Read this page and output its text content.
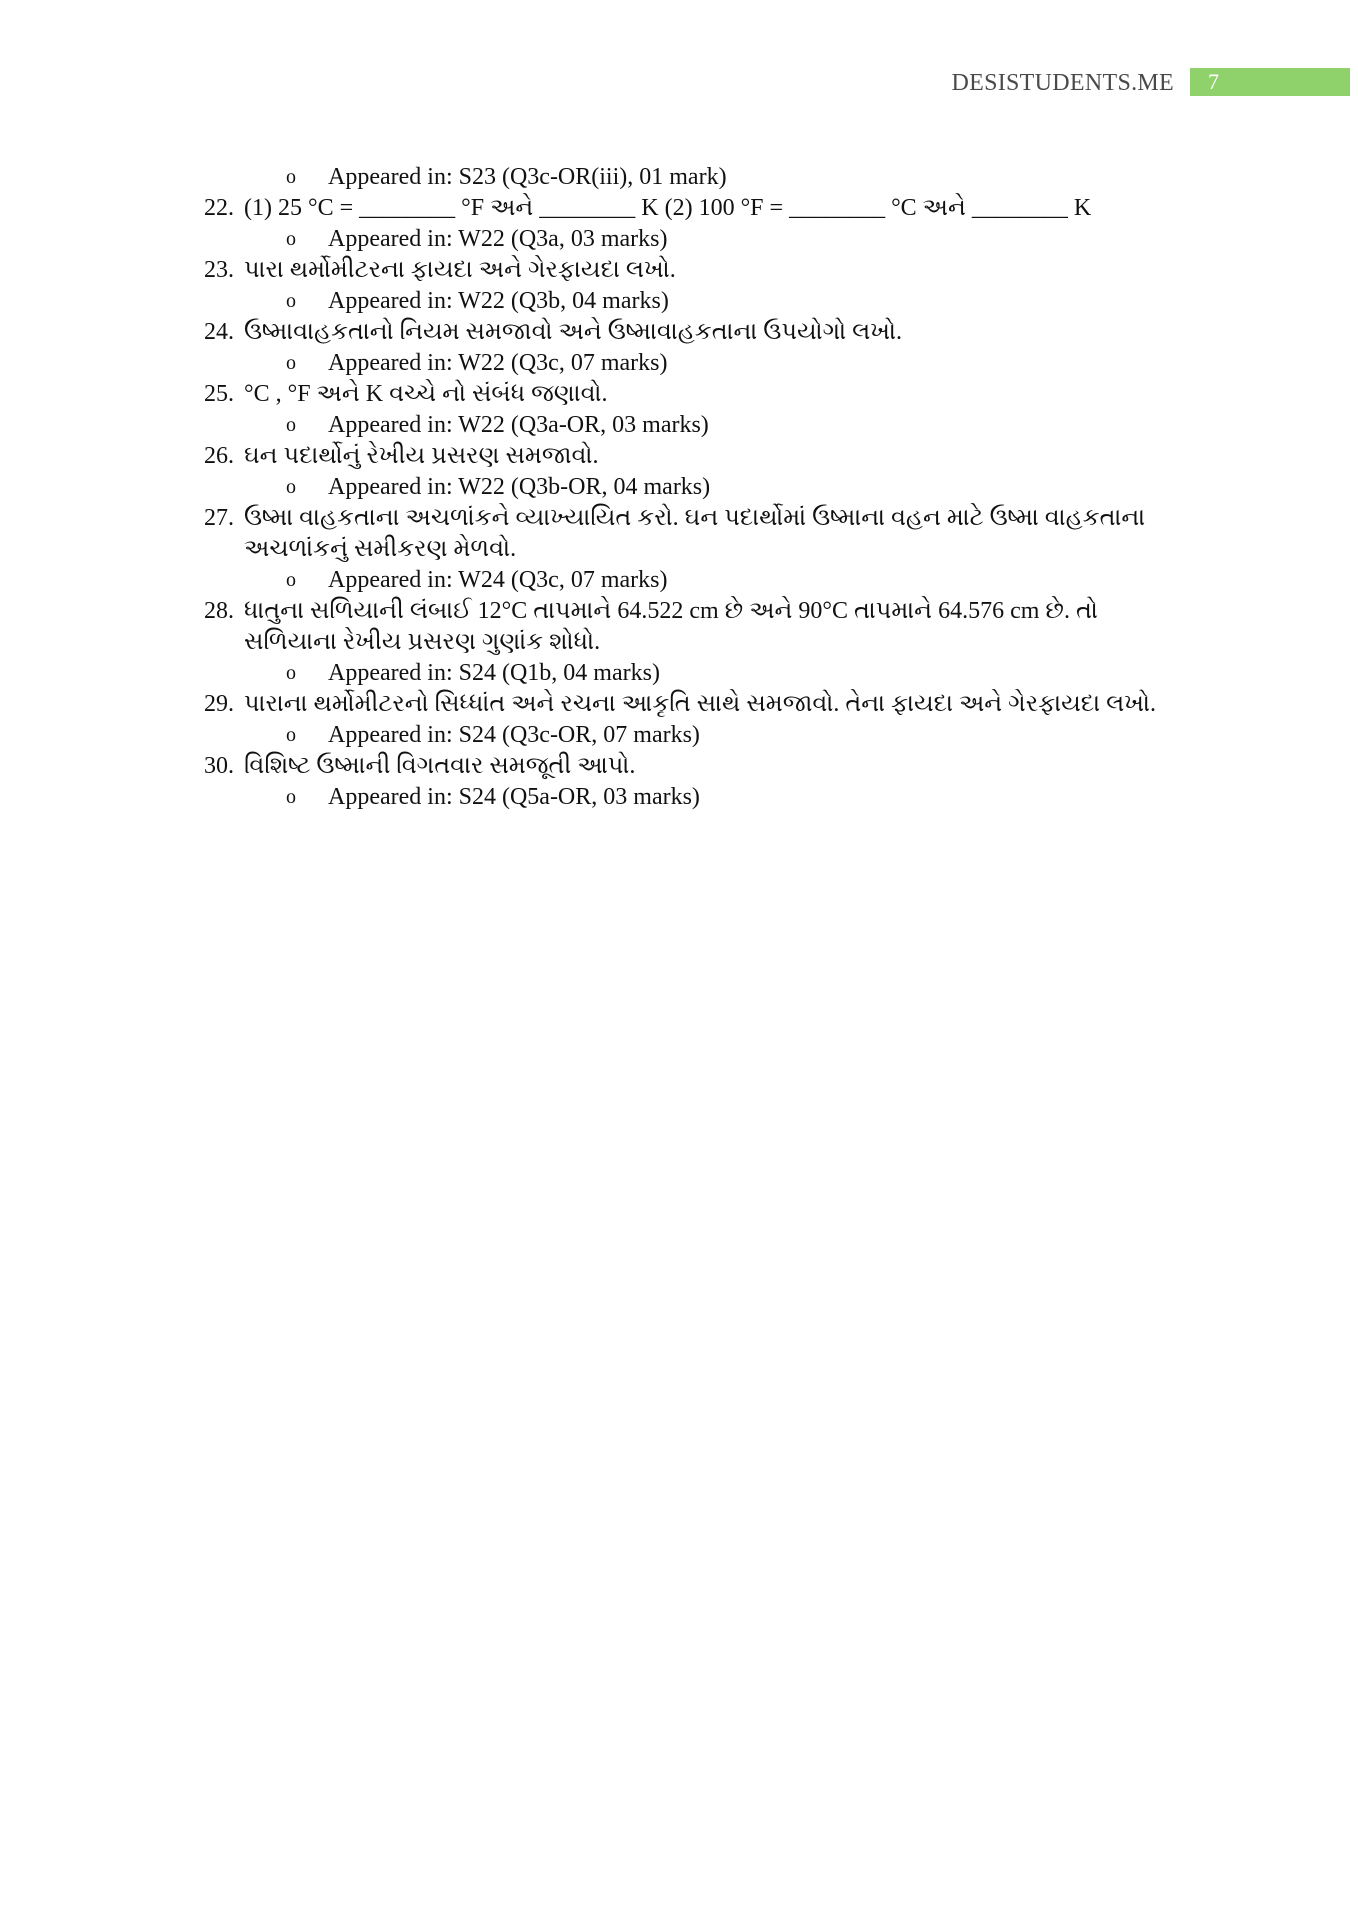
DESISTUDENTS.ME	7
o Appeared in: S23 (Q3c-OR(iii), 01 mark)
22. (1) 25 °C = ________ °F અને ________ K (2) 100 °F = ________ °C અને ________ K
o Appeared in: W22 (Q3a, 03 marks)
23. પારા થર્મોમીટરના ફાયદા અને ગેરફાયદા લખો.
o Appeared in: W22 (Q3b, 04 marks)
24. ઉષ્માવાહકતાનો નિયમ સમજાવો અને ઉષ્માવાહકતાના ઉપયોગો લખો.
o Appeared in: W22 (Q3c, 07 marks)
25. °C , °F અને K વચ્ચે નો સંબંધ જણાવો.
o Appeared in: W22 (Q3a-OR, 03 marks)
26. ઘન પદાર્થોનું રેખીય પ્રસરણ સમજાવો.
o Appeared in: W22 (Q3b-OR, 04 marks)
27. ઉષ્મા વાહકતાના અચળાંકને વ્યાખ્યાયિત કરો. ઘન પદાર્થોમાં ઉષ્માના વહન માટે ઉષ્મા વાહકતાના
અચળાંકનું સમીકરણ મેળવો.
o Appeared in: W24 (Q3c, 07 marks)
28. ધાતુના સળિયાની લંબાઈ 12°C તાપમાને 64.522 cm છે અને 90°C તાપમાને 64.576 cm છે. તો
સળિયાના રેખીય પ્રસરણ ગુણાંક શોધો.
o Appeared in: S24 (Q1b, 04 marks)
29. પારાના થર્મોમીટરનો સિધ્ધાંત અને રચના આકૃતિ સાથે સમજાવો. તેના ફાયદા અને ગેરફાયદા લખો.
o Appeared in: S24 (Q3c-OR, 07 marks)
30. વિશિષ્ટ ઉષ્માની વિગતવાર સમજૂતી આપો.
o Appeared in: S24 (Q5a-OR, 03 marks)
